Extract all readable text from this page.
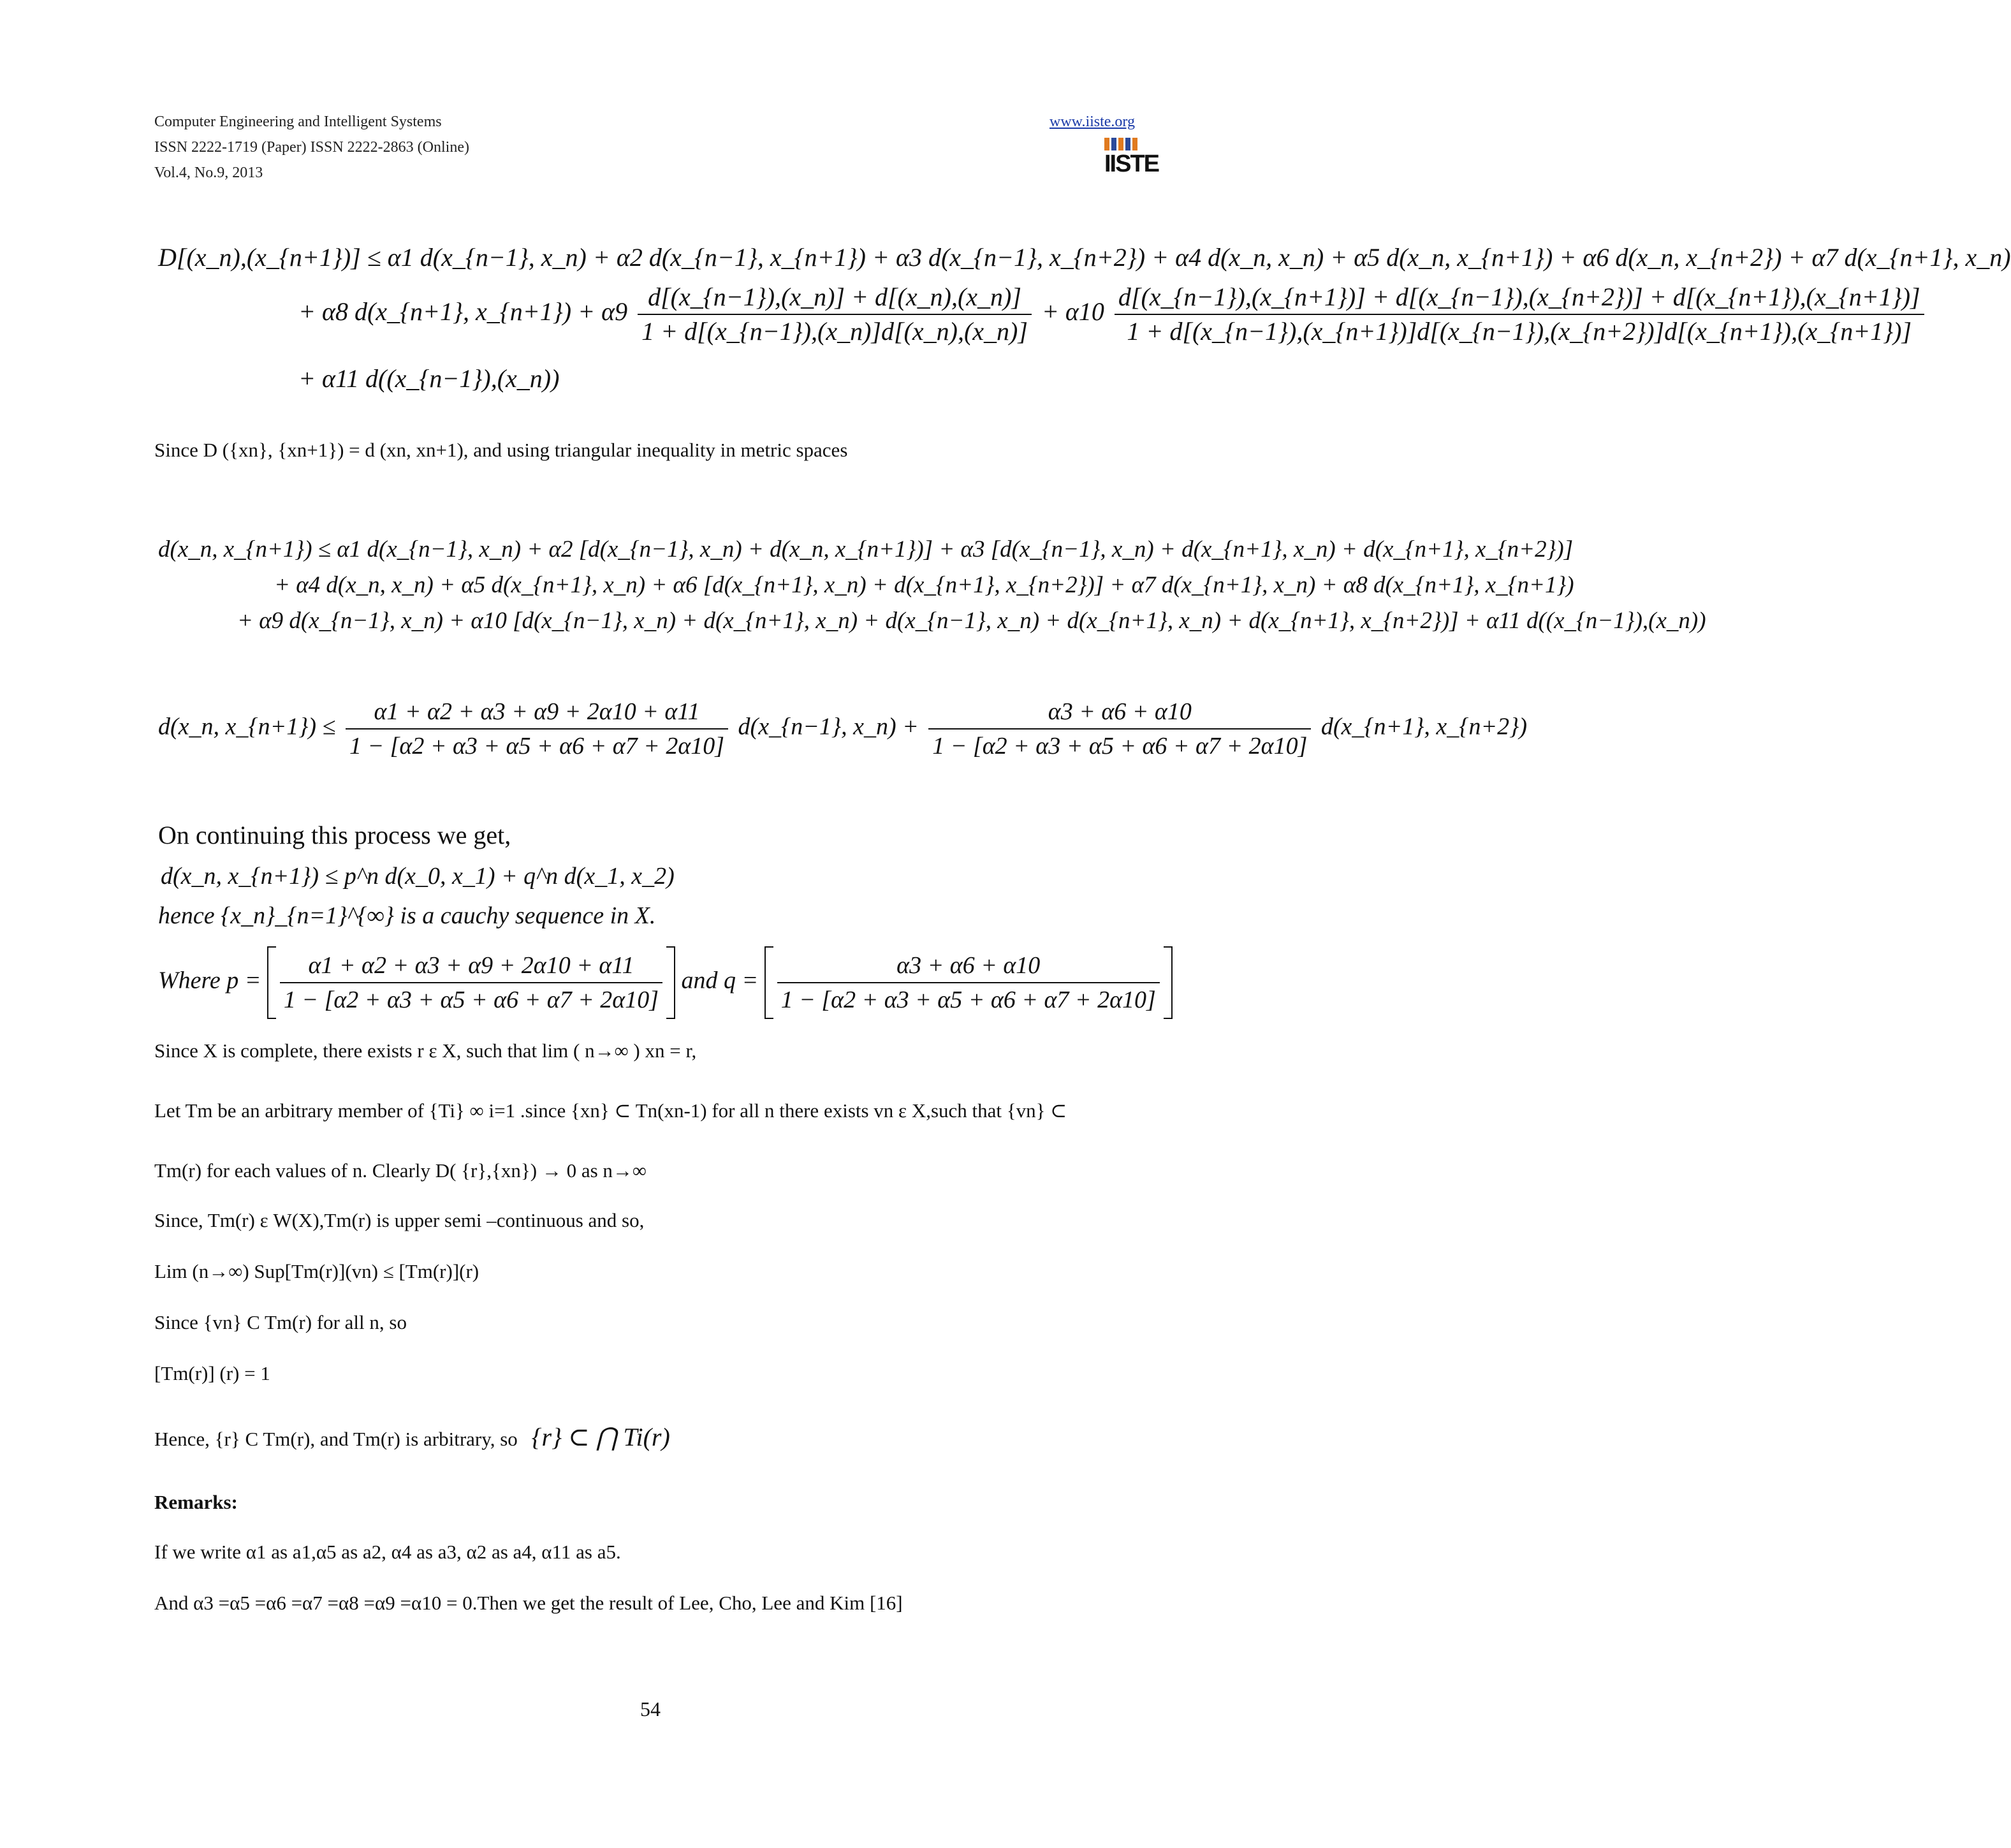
Computer Engineering and Intelligent Systems
ISSN 2222-1719 (Paper) ISSN 2222-2863 (Online)
Vol.4, No.9, 2013
www.iiste.org
IISTE
D[(x_n),(x_{n+1})] ≤ α1 d(x_{n−1}, x_n) + α2 d(x_{n−1}, x_{n+1}) + α3 d(x_{n−1}, x_{n+2}) + α4 d(x_n, x_n) + α5 d(x_n, x_{n+1}) + α6 d(x_n, x_{n+2}) + α7 d(x_{n+1}, x_n)
+ α8 d(x_{n+1}, x_{n+1}) + $\alpha 9 \frac{d[(x\_\{n-1\}),(x\_n)] + d[(x\_n),(x\_n)]}{1 + d[(x\_\{n-1\}),(x\_n)]d[(x\_n),(x\_n)]} + \alpha 10$
d[(x_{n−1}),(x_{n+1})] + d[(x_{n−1}),(x_{n+2})] + d[(x_{n+1}),(x_{n+1})]
1 + d[(x_{n−1}),(x_{n+1})]d[(x_{n−1}),(x_{n+2})]d[(x_{n+1}),(x_{n+1})]
+ α11 d((x_{n−1}),(x_n))
Since D ({xn}, {xn+1}) = d (xn, xn+1), and using triangular inequality in metric spaces
d(x_n, x_{n+1}) ≤ α1 d(x_{n−1}, x_n) + α2 [d(x_{n−1}, x_n) + d(x_n, x_{n+1})] + α3 [d(x_{n−1}, x_n) + d(x_{n+1}, x_n) + d(x_{n+1}, x_{n+2})]
+ α4 d(x_n, x_n) + α5 d(x_{n+1}, x_n) + α6 [d(x_{n+1}, x_n) + d(x_{n+1}, x_{n+2})] + α7 d(x_{n+1}, x_n) + α8 d(x_{n+1}, x_{n+1})
+ α9 d(x_{n−1}, x_n) + α10 [d(x_{n−1}, x_n) + d(x_{n+1}, x_n) + d(x_{n−1}, x_n) + d(x_{n+1}, x_n) + d(x_{n+1}, x_{n+2})] + α11 d((x_{n−1}),(x_n))
d(x_n, x_{n+1}) ≤ $\frac{\alpha 1 + \alpha 2 + \alpha 3 + \alpha 9 + 2\alpha 10 + \alpha 11}{1 - [\alpha 2 + \alpha 3 + \alpha 5 + \alpha 6 + \alpha 7 + 2\alpha 10]}$ d(x_{n−1}, x_n) + $\frac{\alpha 3 + \alpha 6 + \alpha 10}{1 - [\alpha 2 + \alpha 3 + \alpha 5 + \alpha 6 + \alpha 7 + 2\alpha 10]}$ d(x_{n+1}, x_{n+2})
On continuing this process we get,
d(x_n, x_{n+1}) ≤ p^n d(x_0, x_1) + q^n d(x_1, x_2)
hence {x_n}_{n=1}^{∞} is a cauchy sequence in X.
Where $p = \frac{\alpha 1 + \alpha 2 + \alpha 3 + \alpha 9 + 2\alpha 10 + \alpha 11}{1 - [\alpha 2 + \alpha 3 + \alpha 5 + \alpha 6 + \alpha 7 + 2\alpha 10]}$ and $q = \frac{\alpha 3 + \alpha 6 + \alpha 10}{1 - [\alpha 2 + \alpha 3 + \alpha 5 + \alpha 6 + \alpha 7 + 2\alpha 10]}$
Since X is complete, there exists r ε X, such that lim ( n→∞ ) xn = r,
Let Tm be an arbitrary member of {Ti} ∞ i=1 .since {xn} ⊂ Tn(xn-1) for all n there exists vn ε X,such that {vn} ⊂
Tm(r) for each values of n. Clearly D( {r},{xn}) → 0 as n→∞
Since, Tm(r) ε W(X),Tm(r) is upper semi –continuous and so,
Lim (n→∞) Sup[Tm(r)](vn) ≤ [Tm(r)](r)
Since {vn} C Tm(r) for all n, so
[Tm(r)] (r) = 1
Hence, {r} C Tm(r), and Tm(r) is arbitrary, so {r} ⊂ ⋂ Ti(r)
Remarks:
If we write α1 as a1,α5 as a2, α4 as a3, α2 as a4, α11 as a5.
And α3 =α5 =α6 =α7 =α8 =α9 =α10 = 0.Then we get the result of Lee, Cho, Lee and Kim [16]
54
